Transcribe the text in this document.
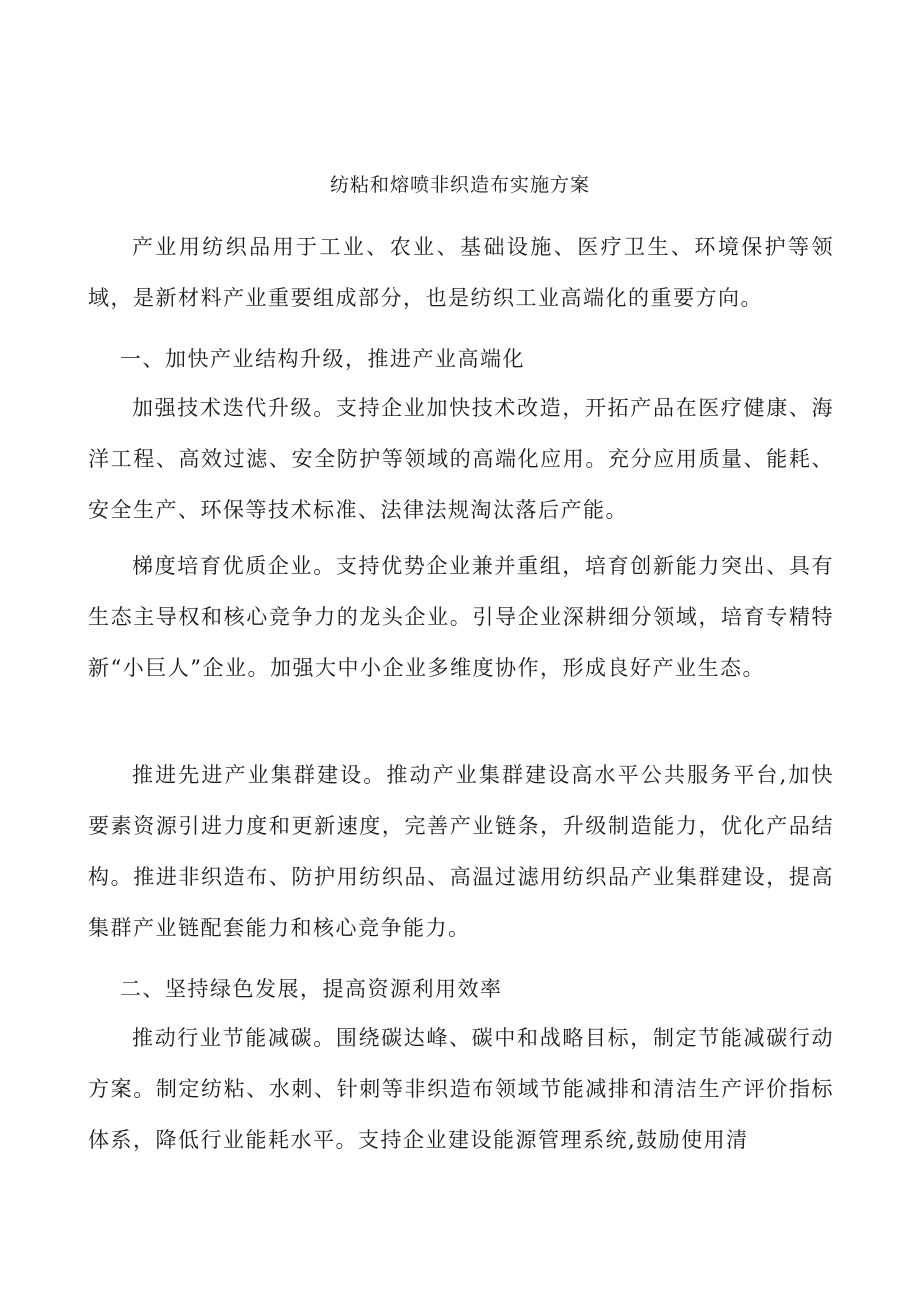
纺粘和熔喷非织造布实施方案

产业用纺织品用于工业、农业、基础设施、医疗卫生、环境保护等领域，是新材料产业重要组成部分，也是纺织工业高端化的重要方向。

一、加快产业结构升级，推进产业高端化

加强技术迭代升级。支持企业加快技术改造，开拓产品在医疗健康、海洋工程、高效过滤、安全防护等领域的高端化应用。充分应用质量、能耗、安全生产、环保等技术标准、法律法规淘汰落后产能。

梯度培育优质企业。支持优势企业兼并重组，培育创新能力突出、具有生态主导权和核心竞争力的龙头企业。引导企业深耕细分领域，培育专精特新“小巨人”企业。加强大中小企业多维度协作，形成良好产业生态。

推进先进产业集群建设。推动产业集群建设高水平公共服务平台,加快要素资源引进力度和更新速度，完善产业链条，升级制造能力，优化产品结构。推进非织造布、防护用纺织品、高温过滤用纺织品产业集群建设，提高集群产业链配套能力和核心竞争能力。

二、坚持绿色发展，提高资源利用效率

推动行业节能减碳。围绕碳达峰、碳中和战略目标，制定节能减碳行动方案。制定纺粘、水刺、针刺等非织造布领域节能减排和清洁生产评价指标体系，降低行业能耗水平。支持企业建设能源管理系统,鼓励使用清
